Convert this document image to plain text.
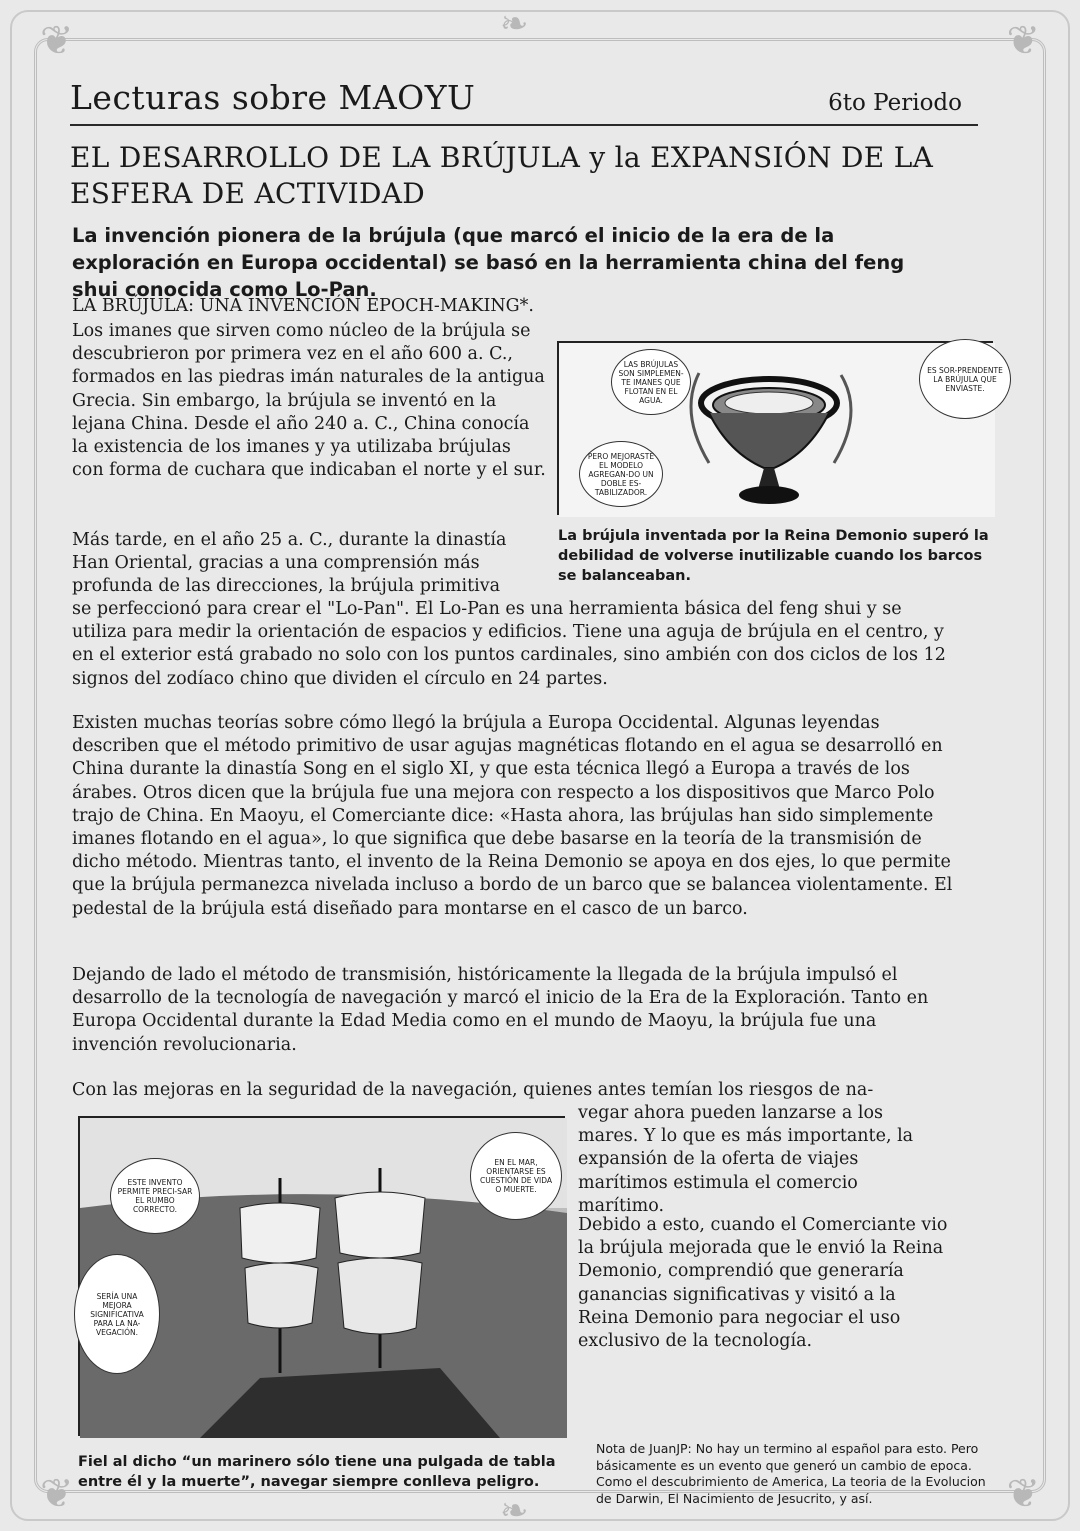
❦	❦
❦	❦
❧
❧
Lecturas sobre MAOYU	6to Periodo
EL DESARROLLO DE LA BRÚJULA y la EXPANSIÓN DE LA ESFERA DE ACTIVIDAD
La invención pionera de la brújula (que marcó el inicio de la era de la exploración en Europa occidental) se basó en la herramienta china del feng shui conocida como Lo-Pan.
LA BRÚJULA: UNA INVENCIÓN EPOCH-MAKING*.

Los imanes que sirven como núcleo de la brújula se descubrieron por primera vez en el año 600 a. C., formados en las piedras imán naturales de la antigua Grecia. Sin embargo, la brújula se inventó en la lejana China. Desde el año 240 a. C., China conocía la existencia de los imanes y ya utilizaba brújulas con forma de cuchara que indicaban el norte y el sur.

LAS BRÚJULAS SON SIMPLEMEN-TE IMANES QUE FLOTAN EN EL AGUA.
ES SOR-PRENDENTE LA BRÚJULA QUE ENVIASTE.
PERO MEJORASTE EL MODELO AGREGAN-DO UN DOBLE ES-TABILIZADOR.
La brújula inventada por la Reina Demonio superó la debilidad de volverse inutilizable cuando los barcos se balanceaban.

Más tarde, en el año 25 a. C., durante la dinastía Han Oriental, gracias a una comprensión más profunda de las direcciones, la brújula primitiva

se perfeccionó para crear el "Lo-Pan". El Lo-Pan es una herramienta básica del feng shui y se utiliza para medir la orientación de espacios y edificios. Tiene una aguja de brújula en el centro, y en el exterior está grabado no solo con los puntos cardinales, sino ambién con dos ciclos de los 12 signos del zodíaco chino que dividen el círculo en 24 partes.

Existen muchas teorías sobre cómo llegó la brújula a Europa Occidental. Algunas leyendas describen que el método primitivo de usar agujas magnéticas flotando en el agua se desarrolló en China durante la dinastía Song en el siglo XI, y que esta técnica llegó a Europa a través de los árabes. Otros dicen que la brújula fue una mejora con respecto a los dispositivos que Marco Polo trajo de China. En Maoyu, el Comerciante dice: «Hasta ahora, las brújulas han sido simplemente imanes flotando en el agua», lo que significa que debe basarse en la teoría de la transmisión de dicho método. Mientras tanto, el invento de la Reina Demonio se apoya en dos ejes, lo que permite que la brújula permanezca nivelada incluso a bordo de un barco que se balancea violentamente. El pedestal de la brújula está diseñado para montarse en el casco de un barco.

Dejando de lado el método de transmisión, históricamente la llegada de la brújula impulsó el desarrollo de la tecnología de navegación y marcó el inicio de la Era de la Exploración. Tanto en Europa Occidental durante la Edad Media como en el mundo de Maoyu, la brújula fue una invención revolucionaria.

Con las mejoras en la seguridad de la navegación, quienes antes temían los riesgos de na-

ESTE INVENTO PERMITE PRECI-SAR EL RUMBO CORRECTO.
EN EL MAR, ORIENTARSE ES CUESTIÓN DE VIDA O MUERTE.
SERÍA UNA MEJORA SIGNIFICATIVA PARA LA NA-VEGACIÓN.
Fiel al dicho “un marinero sólo tiene una pulgada de tabla entre él y la muerte”, navegar siempre conlleva peligro.

vegar ahora pueden lanzarse a los mares. Y lo que es más importante, la expansión de la oferta de viajes marítimos estimula el comercio marítimo.

Debido a esto, cuando el Comerciante vio la brújula mejorada que le envió la Reina Demonio, comprendió que generaría ganancias significativas y visitó a la Reina Demonio para negociar el uso exclusivo de la tecnología.

Nota de JuanJP: No hay un termino al español para esto. Pero básicamente es un evento que generó un cambio de epoca. Como el descubrimiento de America, La teoria de la Evolucion de Darwin, El Nacimiento de Jesucrito, y así.
